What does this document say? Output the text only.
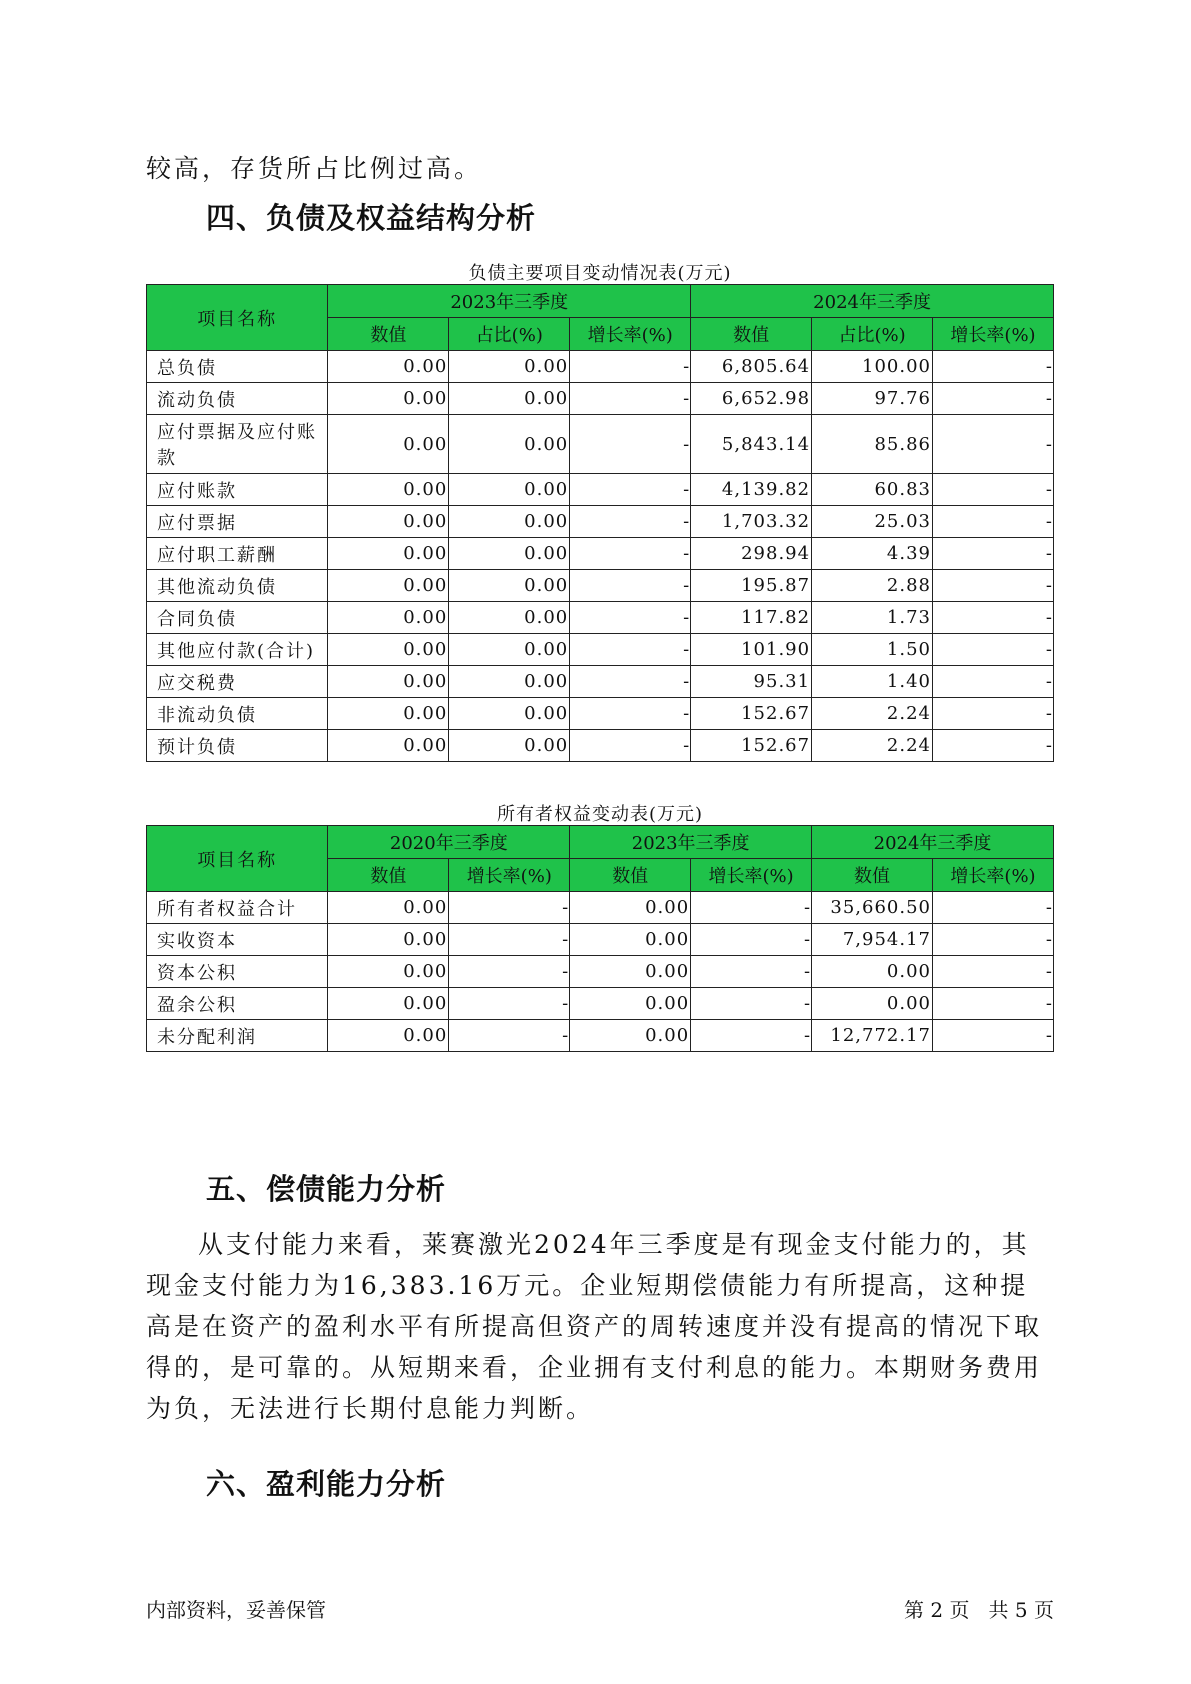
较高，存货所占比例过高。

四、负债及权益结构分析
负债主要项目变动情况表(万元)
项目名称	2023年三季度			2024年三季度		
	数值	占比(%)	增长率(%)	数值	占比(%)	增长率(%)
总负债	0.00	0.00	-	6,805.64	100.00	-
流动负债	0.00	0.00	-	6,652.98	97.76	-
应付票据及应付账款	0.00	0.00	-	5,843.14	85.86	-
应付账款	0.00	0.00	-	4,139.82	60.83	-
应付票据	0.00	0.00	-	1,703.32	25.03	-
应付职工薪酬	0.00	0.00	-	298.94	4.39	-
其他流动负债	0.00	0.00	-	195.87	2.88	-
合同负债	0.00	0.00	-	117.82	1.73	-
其他应付款(合计)	0.00	0.00	-	101.90	1.50	-
应交税费	0.00	0.00	-	95.31	1.40	-
非流动负债	0.00	0.00	-	152.67	2.24	-
预计负债	0.00	0.00	-	152.67	2.24	-
所有者权益变动表(万元)
项目名称	2020年三季度		2023年三季度		2024年三季度	
	数值	增长率(%)	数值	增长率(%)	数值	增长率(%)
所有者权益合计	0.00	-	0.00	-	35,660.50	-
实收资本	0.00	-	0.00	-	7,954.17	-
资本公积	0.00	-	0.00	-	0.00	-
盈余公积	0.00	-	0.00	-	0.00	-
未分配利润	0.00	-	0.00	-	12,772.17	-
五、偿债能力分析

从支付能力来看，莱赛激光2024年三季度是有现金支付能力的，其现金支付能力为16,383.16万元。企业短期偿债能力有所提高，这种提高是在资产的盈利水平有所提高但资产的周转速度并没有提高的情况下取得的，是可靠的。从短期来看，企业拥有支付利息的能力。本期财务费用为负，无法进行长期付息能力判断。

六、盈利能力分析
内部资料，妥善保管	第 2 页   共 5 页
